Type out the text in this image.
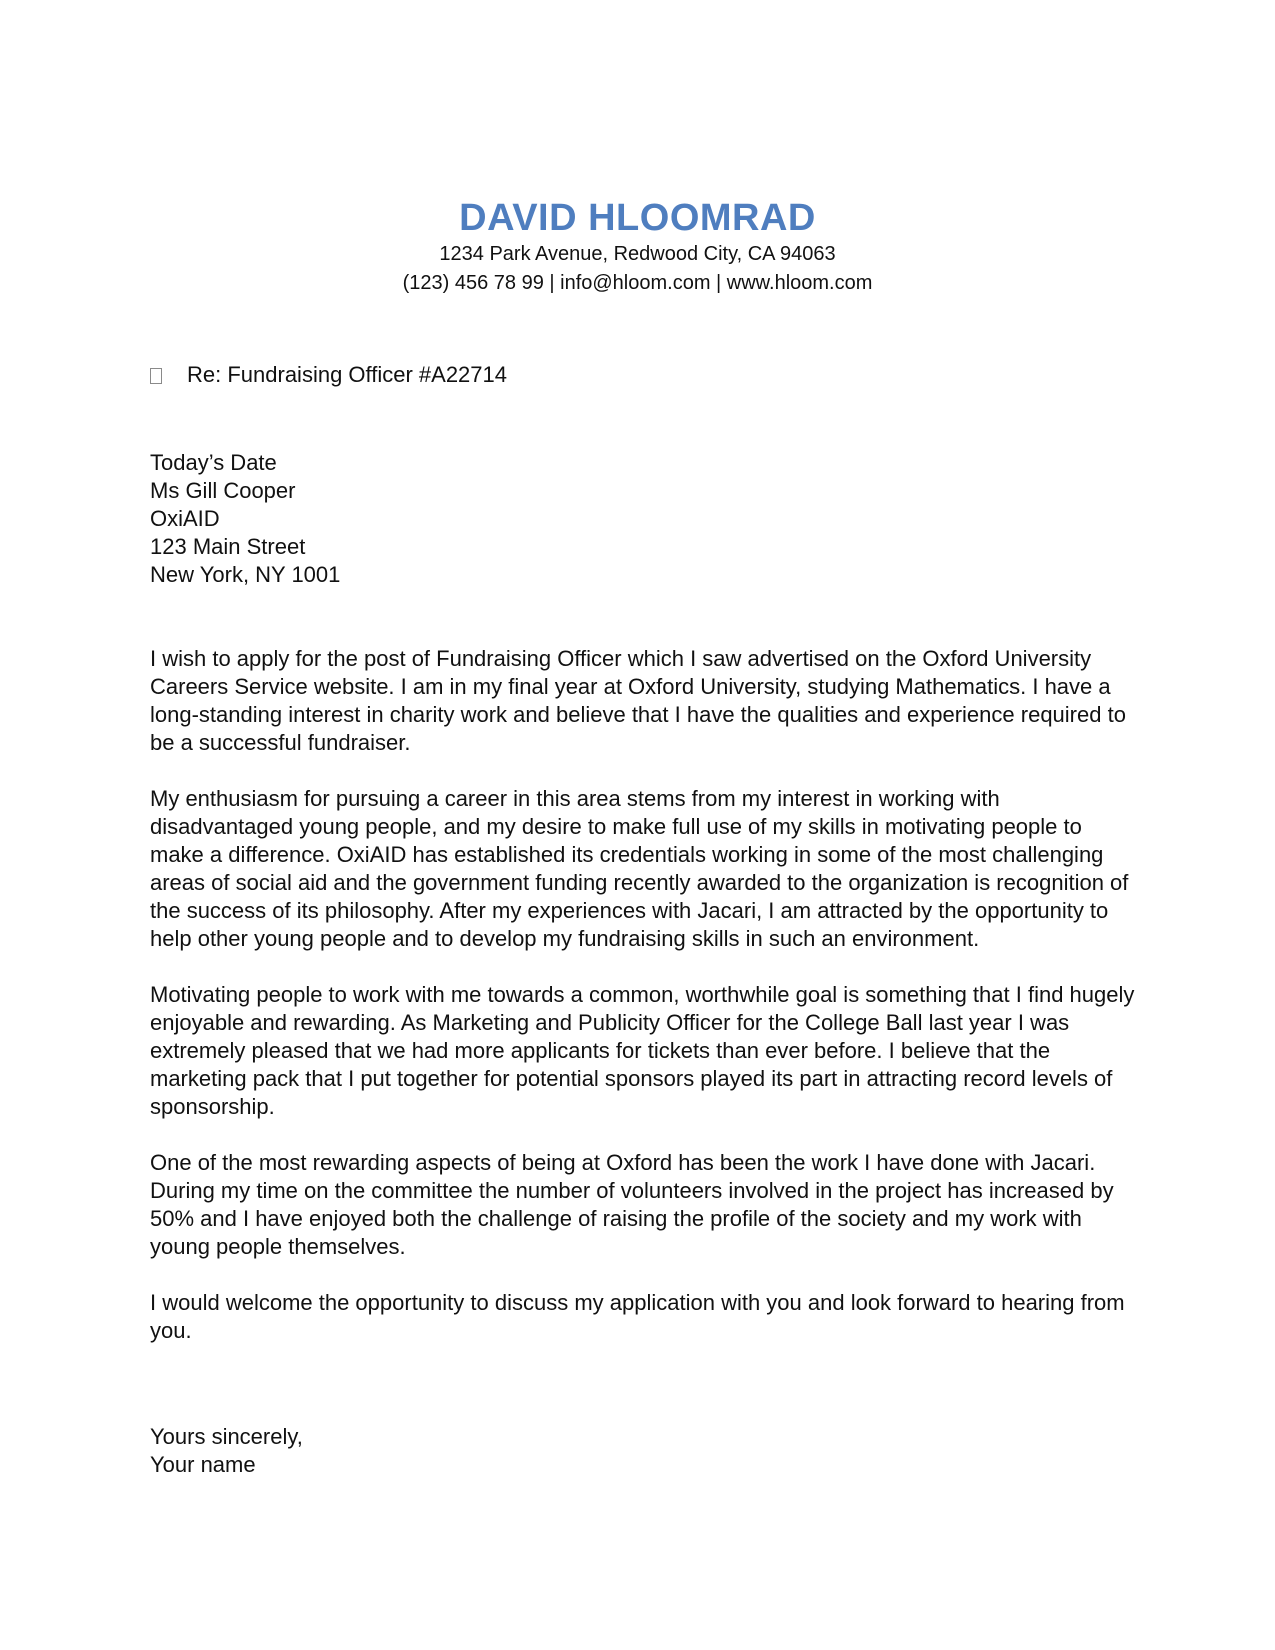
DAVID HLOOMRAD
1234 Park Avenue, Redwood City, CA 94063
(123) 456 78 99 | info@hloom.com | www.hloom.com
Re: Fundraising Officer #A22714
Today’s Date
Ms Gill Cooper
OxiAID
123 Main Street
New York, NY 1001

I wish to apply for the post of Fundraising Officer which I saw advertised on the Oxford University Careers Service website. I am in my final year at Oxford University, studying Mathematics. I have a long-standing interest in charity work and believe that I have the qualities and experience required to be a successful fundraiser.

My enthusiasm for pursuing a career in this area stems from my interest in working with disadvantaged young people, and my desire to make full use of my skills in motivating people to make a difference. OxiAID has established its credentials working in some of the most challenging areas of social aid and the government funding recently awarded to the organization is recognition of the success of its philosophy. After my experiences with Jacari, I am attracted by the opportunity to help other young people and to develop my fundraising skills in such an environment.

Motivating people to work with me towards a common, worthwhile goal is something that I find hugely enjoyable and rewarding. As Marketing and Publicity Officer for the College Ball last year I was extremely pleased that we had more applicants for tickets than ever before. I believe that the marketing pack that I put together for potential sponsors played its part in attracting record levels of sponsorship.

One of the most rewarding aspects of being at Oxford has been the work I have done with Jacari. During my time on the committee the number of volunteers involved in the project has increased by 50% and I have enjoyed both the challenge of raising the profile of the society and my work with young people themselves.

I would welcome the opportunity to discuss my application with you and look forward to hearing from you.

Yours sincerely,
Your name
